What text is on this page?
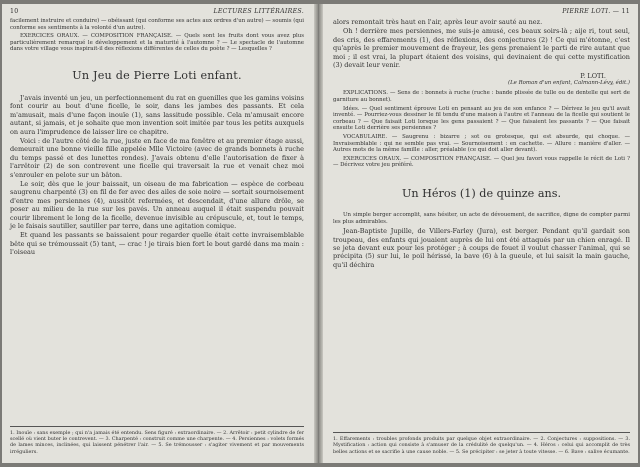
10	LECTURES LITTÉRAIRES.

facilement instruire et conduire) — obéissant (qui conforme ses actes aux ordres d'un autre) — soumis (qui conforme ses sentiments à la volonté d'un autre).

EXERCICES ORAUX. — COMPOSITION FRANÇAISE. — Quels sont les fruits dont vous avez plus particulièrement remarqué le développement et la maturité à l'automne ? — Le spectacle de l'automne dans votre village vous inspirait-il des réflexions différentes de celles du poète ? — Lesquelles ?

Un Jeu de Pierre Loti enfant.

J'avais inventé un jeu, un perfectionnement du rat en guenilles que les gamins voisins font courir au bout d'une ficelle, le soir, dans les jambes des passants. Et cela m'amusait, mais d'une façon inouïe (1), sans lassitude possible. Cela m'amusait encore autant, si jamais, et je sohaite que mon invention soit imitée par tous les petits auxquels on aura l'imprudence de laisser lire ce chapitre.

Voici : de l'autre côté de la rue, juste en face de ma fenêtre et au premier étage aussi, demeurait une bonne vieille fille appelée Mlle Victoire (avec de grands bonnets à ruche du temps passé et des lunettes rondes). J'avais obtenu d'elle l'autorisation de fixer à l'arrêtoir (2) de son contrevent une ficelle qui traversait la rue et venait chez moi s'enrouler en pelote sur un bâton.

Le soir, dès que le jour baissait, un oiseau de ma fabrication — espèce de corbeau saugrenu charpenté (3) en fil de fer avec des ailes de soie noire — sortait sournoisement d'entre mes persiennes (4), aussitôt refermées, et descendait, d'une allure drôle, se poser au milieu de la rue sur les pavés. Un anneau auquel il était suspendu pouvait courir librement le long de la ficelle, devenue invisible au crépuscule, et, tout le temps, je le faisais sautiller, sautiller par terre, dans une agitation comique.

Et quand les passants se baissaient pour regarder quelle était cette invraisemblable bête qui se trémoussait (5) tant, — crac ! je tirais bien fort le bout gardé dans ma main : l'oiseau

1. Inouïe : sans exemple ; qui n'a jamais été entendu. Sens figuré : extraordinaire. — 2. Arrêtoir : petit cylindre de fer scellé où vient buter le contrevent. — 3. Charpenté : construit comme une charpente. — 4. Persiennes : volets formés de lames minces, inclinées, qui laissent pénétrer l'air. — 5. Se trémousser : s'agiter vivement et par mouvements irréguliers.

PIERRE LOTI. — 11

alors remontait très haut en l'air, après leur avoir sauté au nez.

Oh ! derrière mes persiennes, me suis-je amusé, ces beaux soirs-là ; aije ri, tout seul, des cris, des effarements (1), des réflexions, des conjectures (2) ! Ce qui m'étonne, c'est qu'après le premier mouvement de frayeur, les gens prenaient le parti de rire autant que moi ; il est vrai, la plupart étaient des voisins, qui devinaient de qui cette mystification (3) devait leur venir.

P. LOTI.
(Le Roman d'un enfant, Calmann-Lévy, édit.)

EXPLICATIONS. — Sens de : bonnets à ruche (ruche : bande plissée de tulle ou de dentelle qui sert de garniture au bonnet).

Idées. — Quel sentiment éprouve Loti en pensant au jeu de son enfance ? — Dérivez le jeu qu'il avait inventé. — Pourriez-vous dessiner le fil tendu d'une maison à l'autre et l'anneau de la ficelle qui soutient le corbeau ? — Que faisait Loti lorsque les gens passaient ? — Que faisaient les passants ? — Que faisait ensuite Loti derrière ses persiennes ?

VOCABULAIRE. — Saugrenu : bizarre ; sot ou grotesque, qui est absurde, qui choque. — Invraisemblable : qui ne semble pas vrai. — Sournoisement : en cachette. — Allure : manière d'aller. — Autres mots de la même famille : aller, préalable (ce qui doit aller devant).

EXERCICES ORAUX. — COMPOSITION FRANÇAISE. — Quel jeu favori vous rappelle le récit de Loti ? — Décrivez votre jeu préféré.

Un Héros (1) de quinze ans.

Un simple berger accomplit, sans hésiter, un acte de dévouement, de sacrifice, digne de compter parmi les plus admirables.

Jean-Baptiste Jupille, de Villers-Farley (Jura), est berger. Pendant qu'il gardait son troupeau, des enfants qui jouaient auprès de lui ont été attaqués par un chien enragé. Il se jeta devant eux pour les protéger ; à coups de fouet il voulut chasser l'animal, qui se précipita (5) sur lui, le poil hérissé, la bave (6) à la gueule, et lui saisit la main gauche, qu'il déchira

1. Effarements : troubles profonds produits par quelque objet extraordinaire. — 2. Conjectures : suppositions. — 3. Mystification : action qui consiste à s'amuser de la crédulité de quelqu'un. — 4. Héros : celui qui accomplit de très belles actions et se sacrifie à une cause noble. — 5. Se précipiter : se jeter à toute vitesse. — 6. Bave : salive écumante.
